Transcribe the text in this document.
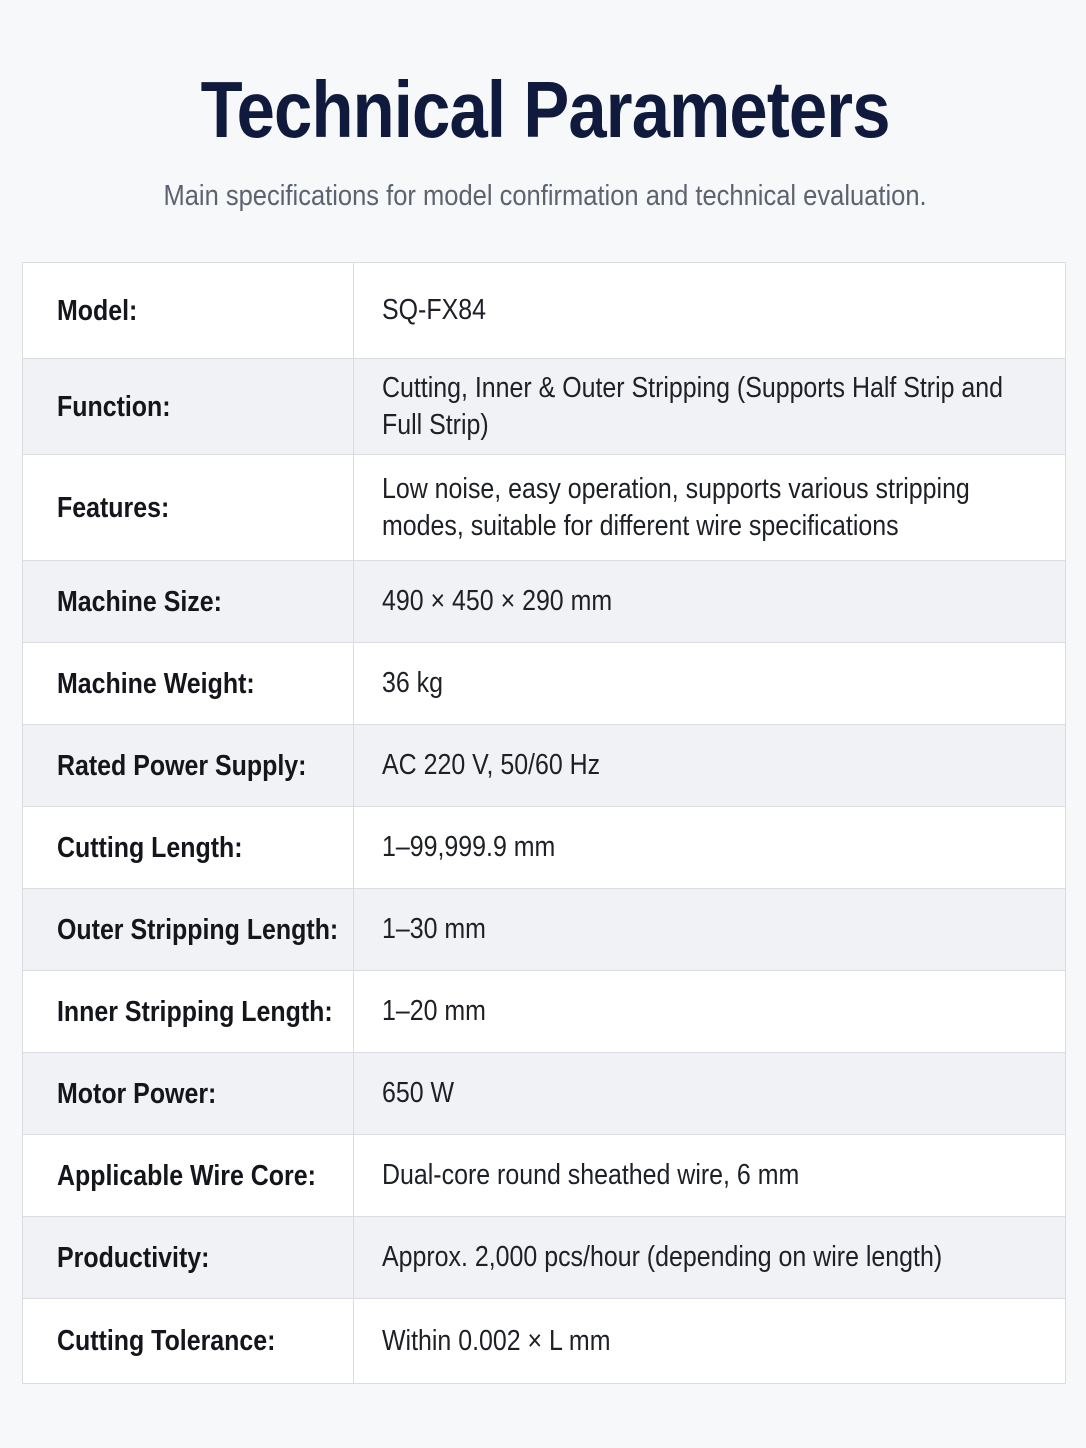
Technical Parameters
Main specifications for model confirmation and technical evaluation.
Model:	SQ-FX84
Function:
Cutting, Inner & Outer Stripping (Supports Half Strip and Full Strip)
Features:
Low noise, easy operation, supports various stripping modes, suitable for different wire specifications
Machine Size:	490 × 450 × 290 mm
Machine Weight:	36 kg
Rated Power Supply:	AC 220 V, 50/60 Hz
Cutting Length:	1–99,999.9 mm
Outer Stripping Length: 1–30 mm
Inner Stripping Length: 1–20 mm
Motor Power:	650 W
Applicable Wire Core: Dual-core round sheathed wire, 6 mm
Productivity:	Approx. 2,000 pcs/hour (depending on wire length)
Cutting Tolerance:	Within 0.002 × L mm
